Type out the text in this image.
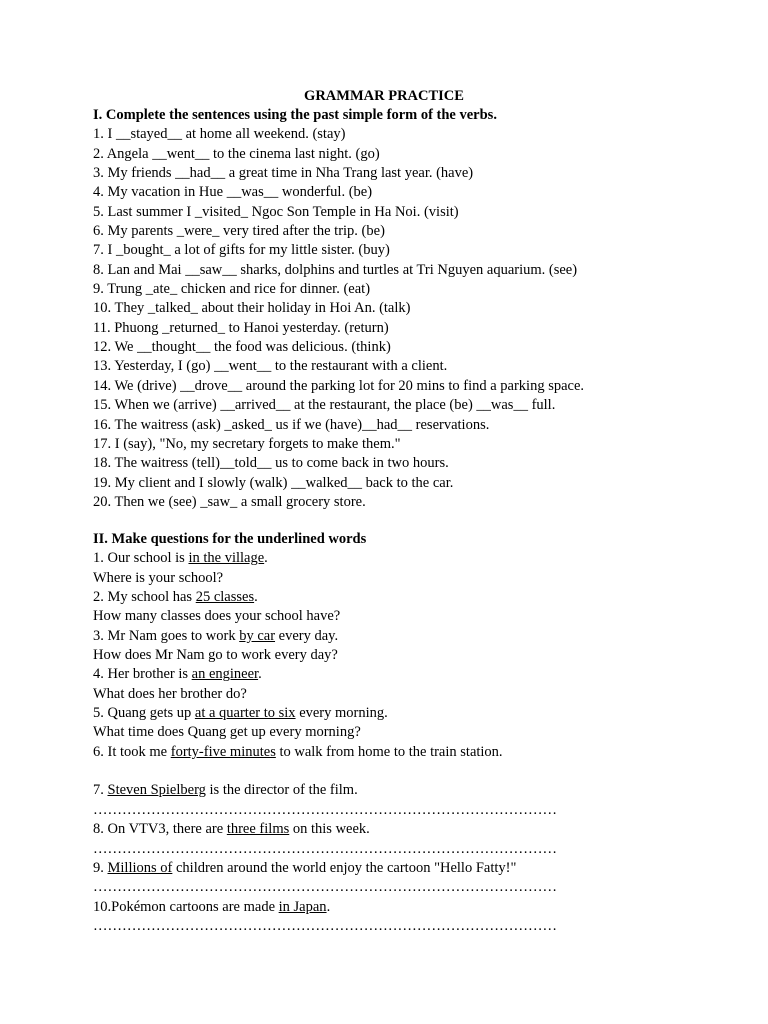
GRAMMAR PRACTICE
I. Complete the sentences using the past simple form of the verbs.
1. I __stayed__ at home all weekend. (stay)
2. Angela __went__ to the cinema last night. (go)
3. My friends __had__ a great time in Nha Trang last year. (have)
4. My vacation in Hue __was__ wonderful. (be)
5. Last summer I _visited_ Ngoc Son Temple in Ha Noi. (visit)
6. My parents _were_ very tired after the trip. (be)
7. I _bought_ a lot of gifts for my little sister. (buy)
8. Lan and Mai __saw__ sharks, dolphins and turtles at Tri Nguyen aquarium. (see)
9. Trung _ate_ chicken and rice for dinner. (eat)
10. They _talked_ about their holiday in Hoi An. (talk)
11. Phuong _returned_ to Hanoi yesterday. (return)
12. We __thought__ the food was delicious. (think)
13. Yesterday, I (go) __went__ to the restaurant with a client.
14. We (drive) __drove__ around the parking lot for 20 mins to find a parking space.
15. When we (arrive) __arrived__ at the restaurant, the place (be) __was__ full.
16. The waitress (ask) _asked_ us if we (have)__had__ reservations.
17. I (say), "No, my secretary forgets to make them."
18. The waitress (tell)__told__ us to come back in two hours.
19. My client and I slowly (walk) __walked__ back to the car.
20. Then we (see) _saw_ a small grocery store.
II. Make questions for the underlined words
1. Our school is in the village.
Where is your school?
2. My school has 25 classes.
How many classes does your school have?
3. Mr Nam goes to work by car every day.
How does Mr Nam go to work every day?
4. Her brother is an engineer.
What does her brother do?
5. Quang gets up at a quarter to six every morning.
What time does Quang get up every morning?
6. It took me forty-five minutes to walk from home to the train station.
7. Steven Spielberg is the director of the film.
……………………………………………………………………………………
8. On VTV3, there are three films on this week.
……………………………………………………………………………………
9. Millions of children around the world enjoy the cartoon "Hello Fatty!"
……………………………………………………………………………………
10.Pokémon cartoons are made in Japan.
……………………………………………………………………………………
